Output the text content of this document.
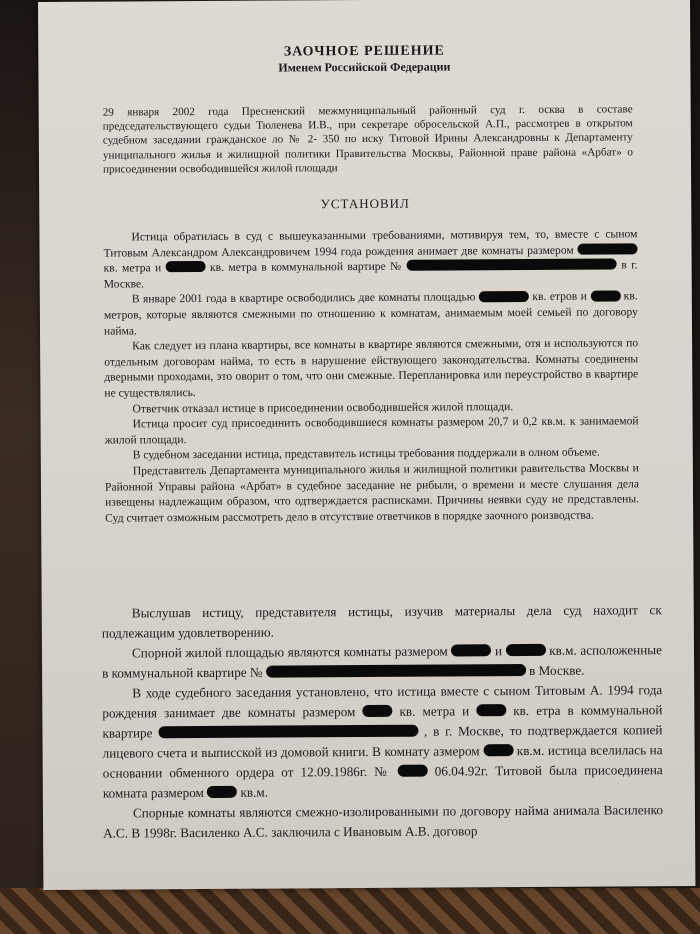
ЗАОЧНОЕ РЕШЕНИЕ
Именем Российской Федерации
29 января 2002 года Пресненский межмуниципальный районный суд г. осква в составе председательствующего судьи Тюленева И.В., при секретаре обросельской А.П., рассмотрев в открытом судебном заседании гражданское ло № 2- 350 по иску Титовой Ирины Александровны к Департаменту униципального жилья и жилищной политики Правительства Москвы, Районной праве района «Арбат» о присоединении освободившейся жилой площади
УСТАНОВИЛ

Истица обратилась в суд с вышеуказанными требованиями, мотивируя тем, то, вместе с сыном Титовым Александром Александровичем 1994 года рождения анимает две комнаты размером  кв. метра и	кв. метра в коммунальной вартире №	в г. Москве.

В январе 2001 года в квартире освободились две комнаты площадью	кв. етров и	кв. метров, которые являются смежными по отношению к комнатам, анимаемым моей семьей по договору найма.

Как следует из плана квартиры, все комнаты в квартире являются смежными, отя и используются по отдельным договорам найма, то есть в нарушение ействующего законодательства. Комнаты соединены дверными проходами, это оворит о том, что они смежные. Перепланировка или переустройство в квартире не существлялись.

Ответчик отказал истице в присоединении освободившейся жилой площади.

Истица просит суд присоединить освободившиеся комнаты размером 20,7 и 0,2 кв.м. к занимаемой жилой площади.

В судебном заседании истица, представитель истицы требования поддержали в олном объеме.

Представитель Департамента муниципального жилья и жилищной политики равительства Москвы и Районной Управы района «Арбат» в судебное заседание не рибыли, о времени и месте слушания дела извещены надлежащим образом, что одтверждается расписками. Причины неявки суду не представлены. Суд считает озможным рассмотреть дело в отсутствие ответчиков в порядке заочного роизводства.

Выслушав истицу, представителя истицы, изучив материалы дела суд находит ск подлежащим удовлетворению.

Спорной жилой площадью являются комнаты размером	и	кв.м. асположенные в коммунальной квартире №	в Москве.

В ходе судебного заседания установлено, что истица вместе с сыном Титовым А. 1994 года рождения занимает две комнаты размером	кв. метра и	кв. етра в коммунальной квартире	, в г. Москве, то подтверждается копией лицевого счета и выписской из домовой книги. В комнату азмером	кв.м. истица вселилась на основании обменного ордера от 12.09.1986г. №	06.04.92г. Титовой была присоединена комната размером	кв.м.

Спорные комнаты являются смежно-изолированными по договору найма анимала Василенко А.С. В 1998г. Василенко А.С. заключила с Ивановым А.В. договор
